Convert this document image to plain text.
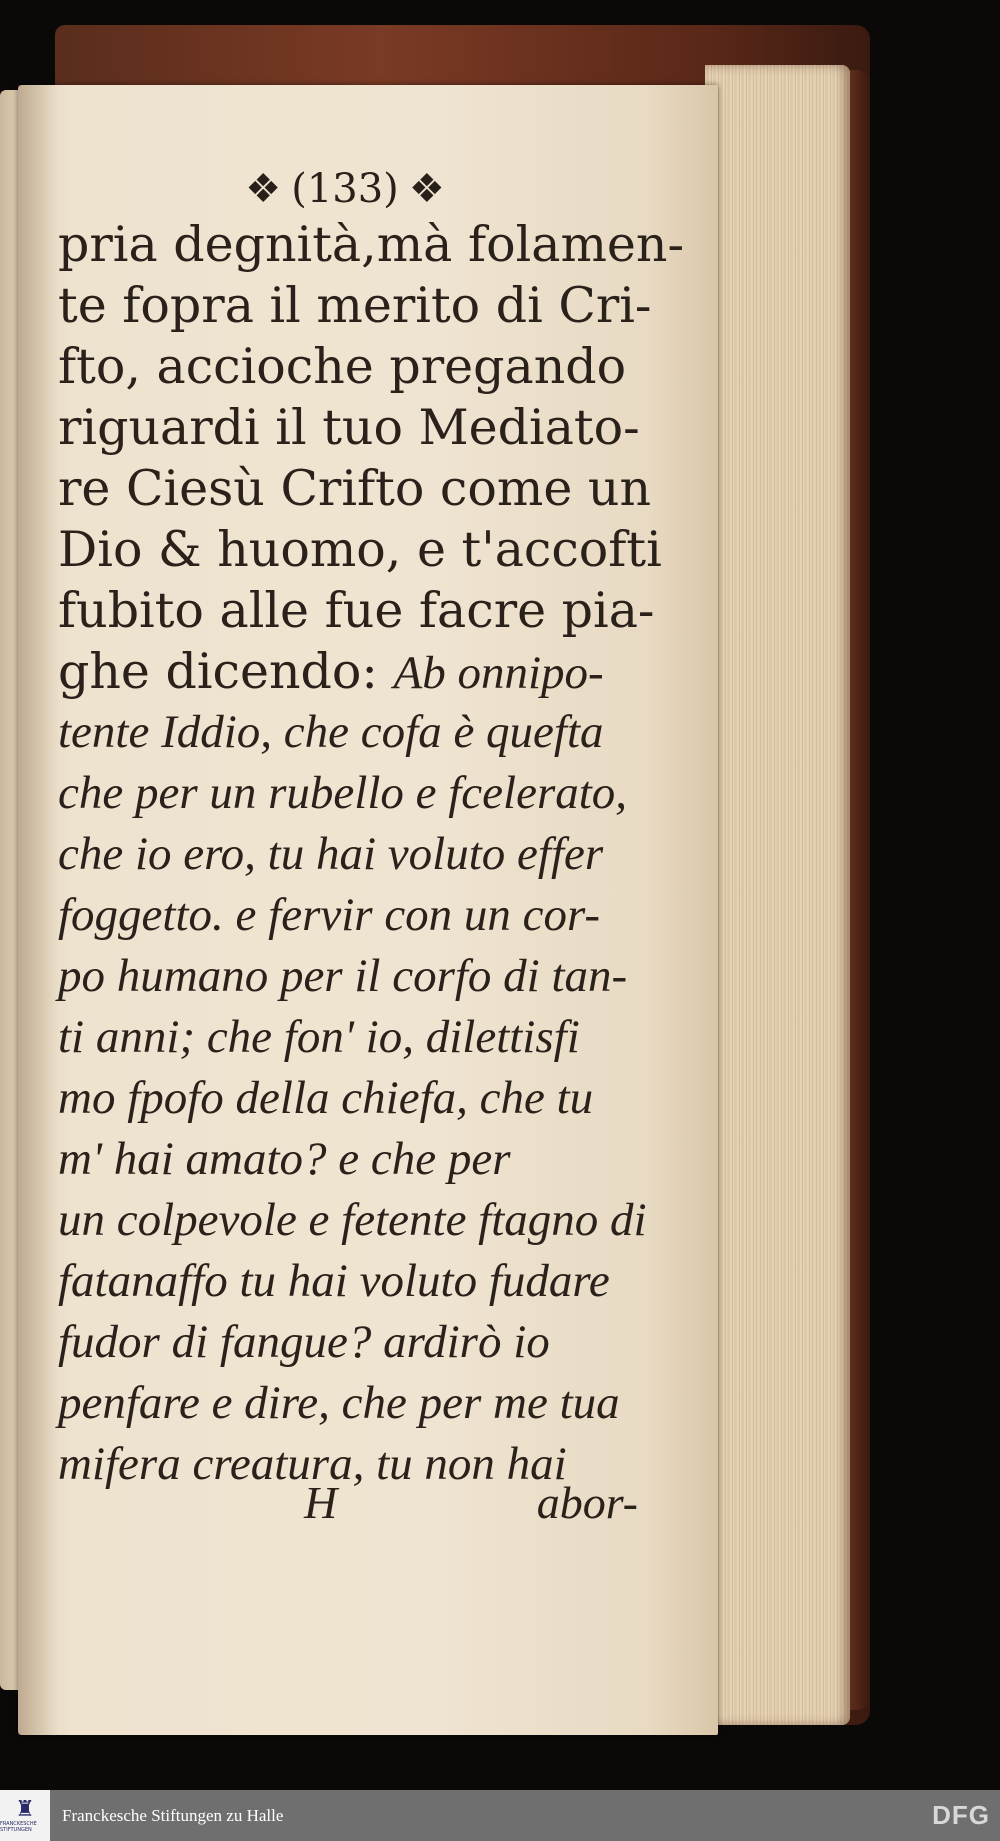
❖ (133) ❖
pria degnità,mà folamen-
te fopra il merito di Cri-
fto, accioche pregando
riguardi il tuo Mediato-
re Ciesù Crifto come un
Dio & huomo, e t'accofti
fubito alle fue facre pia-
ghe dicendo: Ab onnipo-
tente Iddio, che cofa è quefta
che per un rubello e fcelerato,
che io ero, tu hai voluto effer
foggetto. e fervir con un cor-
po humano per il corfo di tan-
ti anni; che fon' io, dilettisfi
mo fpofo della chiefa, che tu
m' hai amato? e che per
un colpevole e fetente ftagno di
fatanaffo tu hai voluto fudare
fudor di fangue? ardirò io
penfare e dire, che per me tua
mifera creatura, tu non hai
H	abor-
♜
FRANCKESCHE STIFTUNGEN
Franckesche Stiftungen zu Halle	DFG
